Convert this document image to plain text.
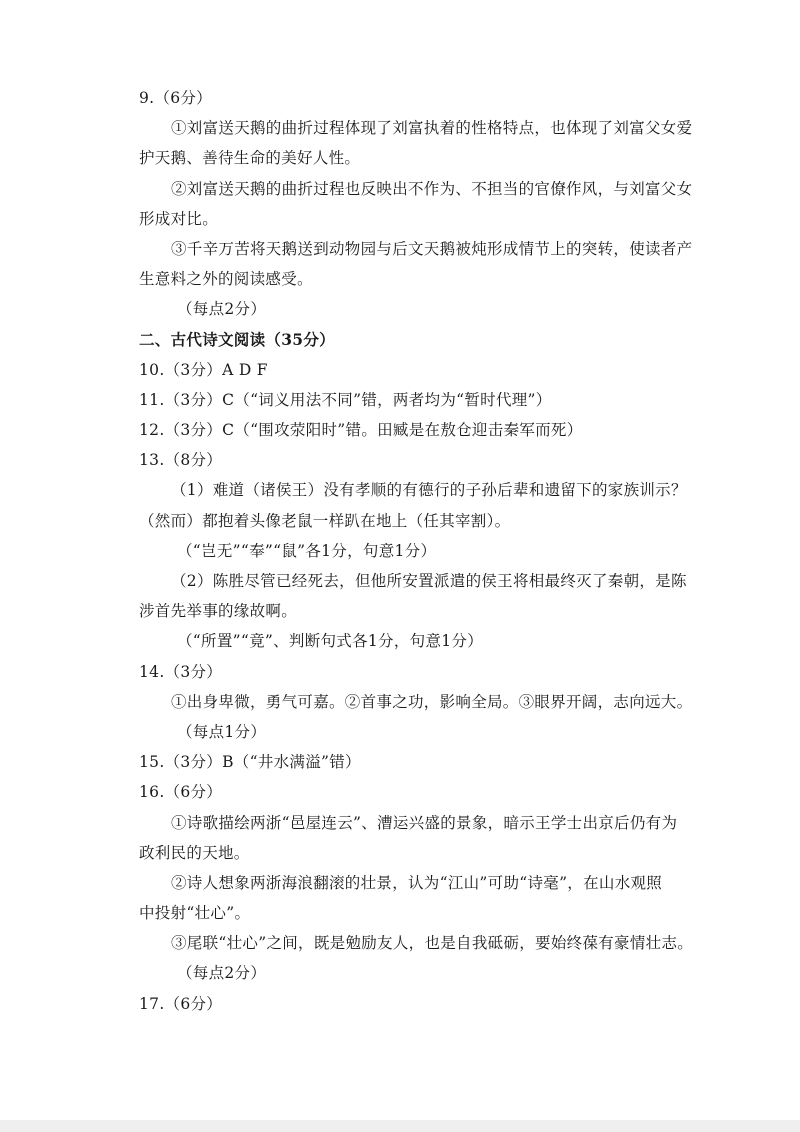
9.（6分）
①刘富送天鹅的曲折过程体现了刘富执着的性格特点，也体现了刘富父女爱
护天鹅、善待生命的美好人性。
②刘富送天鹅的曲折过程也反映出不作为、不担当的官僚作风，与刘富父女
形成对比。
③千辛万苦将天鹅送到动物园与后文天鹅被炖形成情节上的突转，使读者产
生意料之外的阅读感受。
（每点2分）
二、古代诗文阅读（35分）
10.（3分）A D F
11.（3分）C（“词义用法不同”错，两者均为“暂时代理”）
12.（3分）C（“围攻荥阳时”错。田臧是在敖仓迎击秦军而死）
13.（8分）
（1）难道（诸侯王）没有孝顺的有德行的子孙后辈和遗留下的家族训示？
（然而）都抱着头像老鼠一样趴在地上（任其宰割）。
（“岂无”“奉”“鼠”各1分，句意1分）
（2）陈胜尽管已经死去，但他所安置派遣的侯王将相最终灭了秦朝，是陈
涉首先举事的缘故啊。
（“所置”“竟”、判断句式各1分，句意1分）
14.（3分）
①出身卑微，勇气可嘉。②首事之功，影响全局。③眼界开阔，志向远大。
（每点1分）
15.（3分）B（“井水满溢”错）
16.（6分）
①诗歌描绘两浙“邑屋连云”、漕运兴盛的景象，暗示王学士出京后仍有为
政利民的天地。
②诗人想象两浙海浪翻滚的壮景，认为“江山”可助“诗毫”，在山水观照
中投射“壮心”。
③尾联“壮心”之间，既是勉励友人，也是自我砥砺，要始终葆有豪情壮志。
（每点2分）
17.（6分）
